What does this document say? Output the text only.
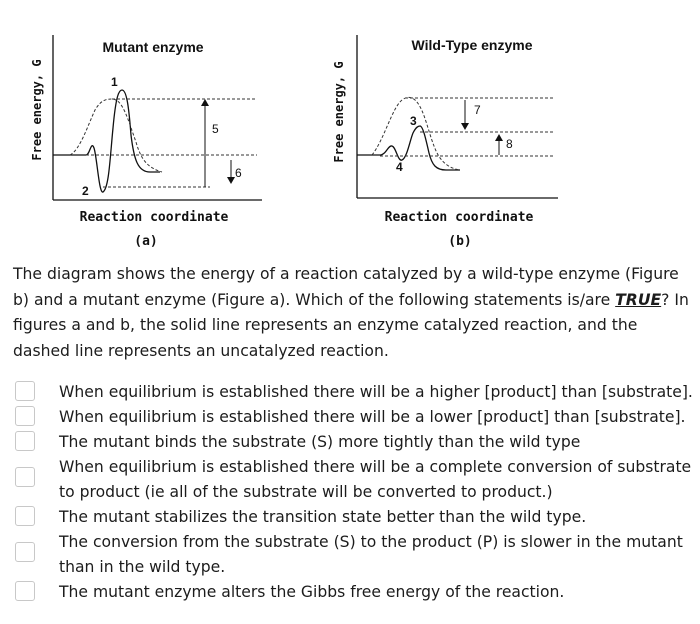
Mutant enzyme
Free energy, G	1
2
5
6
Reaction coordinate
(a)
Wild-Type enzyme
Free energy, G	3
4
7
8
Reaction coordinate
(b)

The diagram shows the energy of a reaction catalyzed by a wild-type enzyme (Figure b) and a mutant enzyme (Figure a). Which of the following statements is/are TRUE? In figures a and b, the solid line represents an enzyme catalyzed reaction, and the dashed line represents an uncatalyzed reaction.

When equilibrium is established there will be a higher [product] than [substrate].
When equilibrium is established there will be a lower [product] than [substrate].
The mutant binds the substrate (S) more tightly than the wild type
When equilibrium is established there will be a complete conversion of substrate to product (ie all of the substrate will be converted to product.)
The mutant stabilizes the transition state better than the wild type.
The conversion from the substrate (S) to the product (P) is slower in the mutant than in the wild type.
The mutant enzyme alters the Gibbs free energy of the reaction.
